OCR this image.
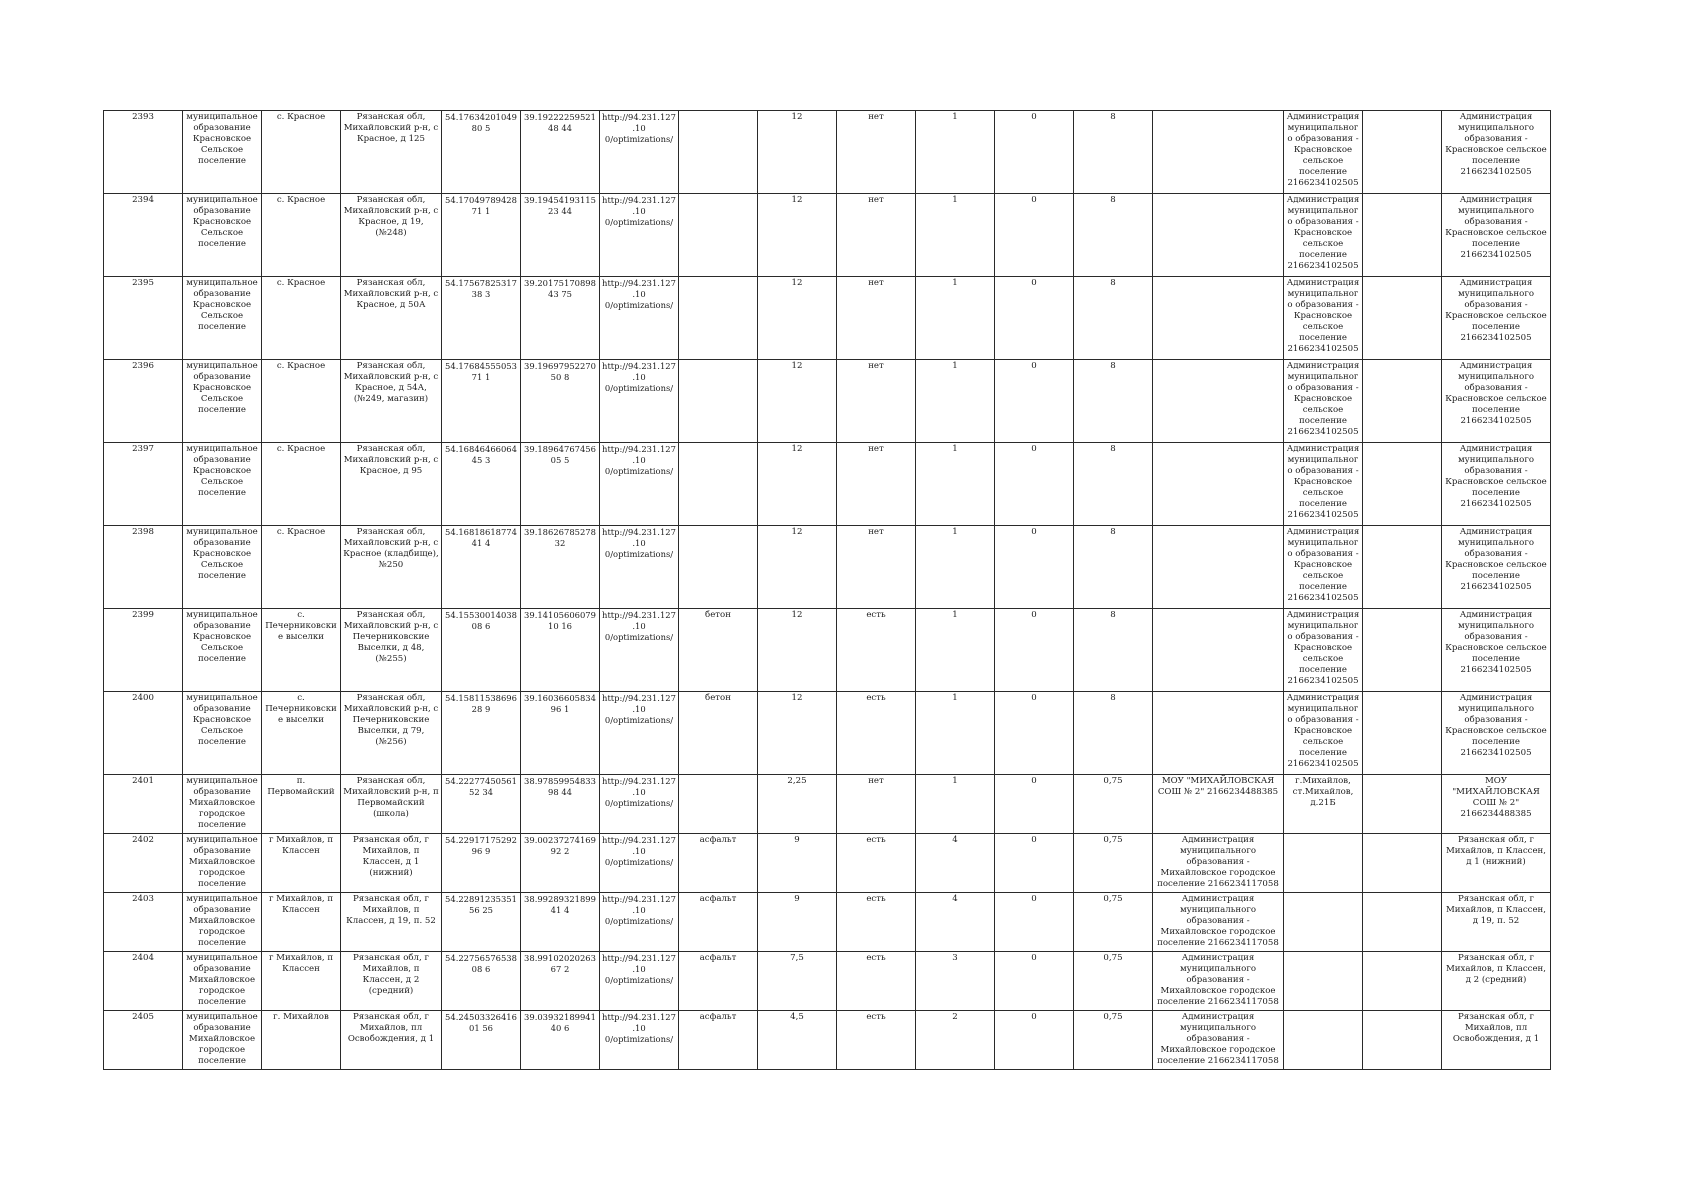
2393	муниципальное образование Красновское Сельское поселение	с. Красное	Рязанская обл, Михайловский р-н, с Красное, д 125	54.1763420104980 5	39.1922225952148 44	http://94.231.127.10 0/optimizations/		12	нет	1	0	8		Администрация муниципального образования - Красновское сельское поселение 2166234102505		Администрация муниципального образования - Красновское сельское поселение 2166234102505
2394	муниципальное образование Красновское Сельское поселение	с. Красное	Рязанская обл, Михайловский р-н, с Красное, д 19, (№248)	54.1704978942871 1	39.1945419311523 44	http://94.231.127.10 0/optimizations/		12	нет	1	0	8		Администрация муниципального образования - Красновское сельское поселение 2166234102505		Администрация муниципального образования - Красновское сельское поселение 2166234102505
2395	муниципальное образование Красновское Сельское поселение	с. Красное	Рязанская обл, Михайловский р-н, с Красное, д 50А	54.1756782531738 3	39.2017517089843 75	http://94.231.127.10 0/optimizations/		12	нет	1	0	8		Администрация муниципального образования - Красновское сельское поселение 2166234102505		Администрация муниципального образования - Красновское сельское поселение 2166234102505
2396	муниципальное образование Красновское Сельское поселение	с. Красное	Рязанская обл, Михайловский р-н, с Красное, д 54А, (№249, магазин)	54.1768455505371 1	39.1969795227050 8	http://94.231.127.10 0/optimizations/		12	нет	1	0	8		Администрация муниципального образования - Красновское сельское поселение 2166234102505		Администрация муниципального образования - Красновское сельское поселение 2166234102505
2397	муниципальное образование Красновское Сельское поселение	с. Красное	Рязанская обл, Михайловский р-н, с Красное, д 95	54.1684646606445 3	39.1896476745605 5	http://94.231.127.10 0/optimizations/		12	нет	1	0	8		Администрация муниципального образования - Красновское сельское поселение 2166234102505		Администрация муниципального образования - Красновское сельское поселение 2166234102505
2398	муниципальное образование Красновское Сельское поселение	с. Красное	Рязанская обл, Михайловский р-н, с Красное (кладбище), №250	54.1681861877441 4	39.1862678527832	http://94.231.127.10 0/optimizations/		12	нет	1	0	8		Администрация муниципального образования - Красновское сельское поселение 2166234102505		Администрация муниципального образования - Красновское сельское поселение 2166234102505
2399	муниципальное образование Красновское Сельское поселение	с. Печерниковские выселки	Рязанская обл, Михайловский р-н, с Печерниковские Выселки, д 48, (№255)	54.1553001403808 6	39.1410560607910 16	http://94.231.127.10 0/optimizations/	бетон	12	есть	1	0	8		Администрация муниципального образования - Красновское сельское поселение 2166234102505		Администрация муниципального образования - Красновское сельское поселение 2166234102505
2400	муниципальное образование Красновское Сельское поселение	с. Печерниковские выселки	Рязанская обл, Михайловский р-н, с Печерниковские Выселки, д 79, (№256)	54.1581153869628 9	39.1603660583496 1	http://94.231.127.10 0/optimizations/	бетон	12	есть	1	0	8		Администрация муниципального образования - Красновское сельское поселение 2166234102505		Администрация муниципального образования - Красновское сельское поселение 2166234102505
2401	муниципальное образование Михайловское городское поселение	п. Первомайский	Рязанская обл, Михайловский р-н, п Первомайский (школа)	54.2227745056152 34	38.9785995483398 44	http://94.231.127.10 0/optimizations/		2,25	нет	1	0	0,75	МОУ "МИХАЙЛОВСКАЯ СОШ № 2" 2166234488385	г.Михайлов, ст.Михайлов, д.21Б		МОУ "МИХАЙЛОВСКАЯ СОШ № 2" 2166234488385
2402	муниципальное образование Михайловское городское поселение	г Михайлов, п Классен	Рязанская обл, г Михайлов, п Классен, д 1 (нижний)	54.2291717529296 9	39.0023727416992 2	http://94.231.127.10 0/optimizations/	асфальт	9	есть	4	0	0,75	Администрация муниципального образования - Михайловское городское поселение 2166234117058			Рязанская обл, г Михайлов, п Классен, д 1 (нижний)
2403	муниципальное образование Михайловское городское поселение	г Михайлов, п Классен	Рязанская обл, г Михайлов, п Классен, д 19, п. 52	54.2289123535156 25	38.9928932189941 4	http://94.231.127.10 0/optimizations/	асфальт	9	есть	4	0	0,75	Администрация муниципального образования - Михайловское городское поселение 2166234117058			Рязанская обл, г Михайлов, п Классен, д 19, п. 52
2404	муниципальное образование Михайловское городское поселение	г Михайлов, п Классен	Рязанская обл, г Михайлов, п Классен, д 2 (средний)	54.2275657653808 6	38.9910202026367 2	http://94.231.127.10 0/optimizations/	асфальт	7,5	есть	3	0	0,75	Администрация муниципального образования - Михайловское городское поселение 2166234117058			Рязанская обл, г Михайлов, п Классен, д 2 (средний)
2405	муниципальное образование Михайловское городское поселение	г. Михайлов	Рязанская обл, г Михайлов, пл Освобождения, д 1	54.2450332641601 56	39.0393218994140 6	http://94.231.127.10 0/optimizations/	асфальт	4,5	есть	2	0	0,75	Администрация муниципального образования - Михайловское городское поселение 2166234117058			Рязанская обл, г Михайлов, пл Освобождения, д 1
